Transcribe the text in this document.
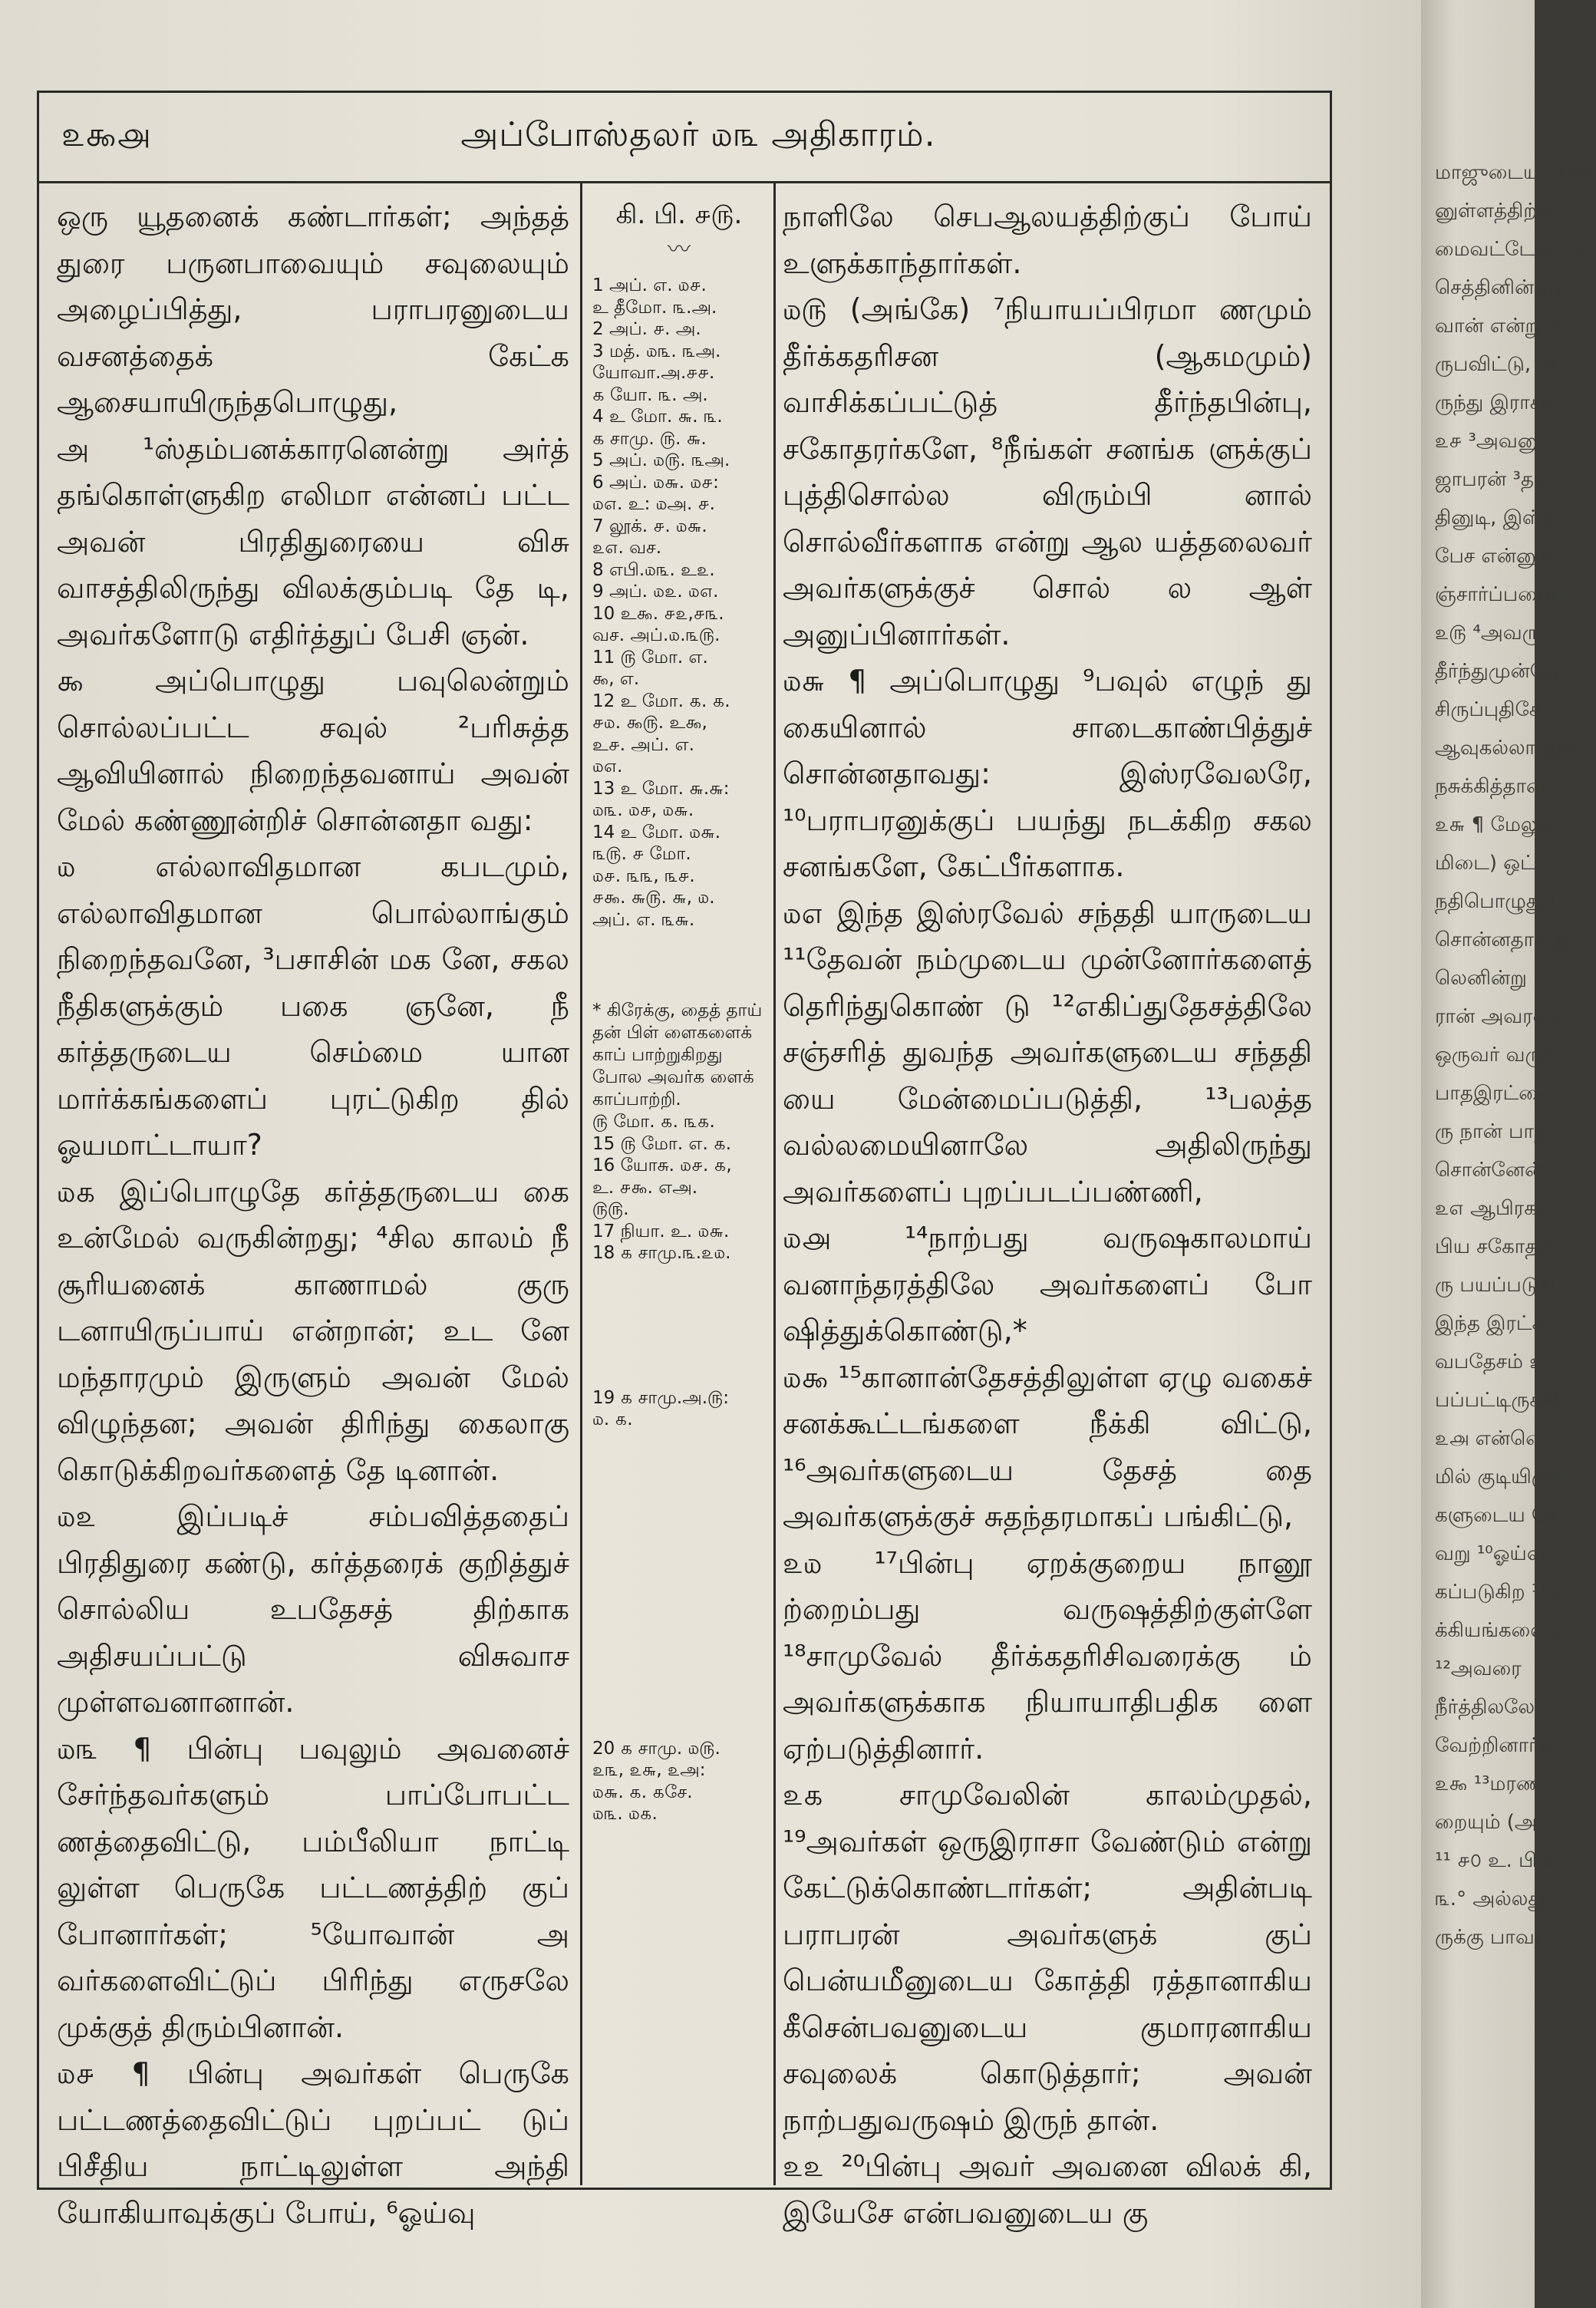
௨௯௮	அப்போஸ்தலர் ௰௩ அதிகாரம்.

ஒரு யூதனைக் கண்டார்கள்; அந்தத் துரை பருனபாவையும் சவுலையும் அழைப்பித்து, பராபரனுடைய வசனத்தைக் கேட்க ஆசையாயிருந்தபொழுது,

அ ¹ஸ்தம்பனக்காரனென்று அர்த் தங்கொள்ளுகிற எலிமா என்னப் பட்ட அவன் பிரதிதுரையை விசு வாசத்திலிருந்து விலக்கும்படி தே டி, அவர்களோடு எதிர்த்துப் பேசி ஞன்.

௯ அப்பொழுது பவுலென்றும் சொல்லப்பட்ட சவுல் ²பரிசுத்த ஆவியினால் நிறைந்தவனாய் அவன் மேல் கண்ணூன்றிச் சொன்னதா வது:

௰ எல்லாவிதமான கபடமும், எல்லாவிதமான பொல்லாங்கும் நிறைந்தவனே, ³பசாசின் மக னே, சகல நீதிகளுக்கும் பகை ஞனே, நீ கர்த்தருடைய செம்மை யான மார்க்கங்களைப் புரட்டுகிற தில் ஓயமாட்டாயா?

௰௧ இப்பொழுதே கர்த்தருடைய கை உன்மேல் வருகின்றது; ⁴சில காலம் நீ சூரியனைக் காணாமல் குரு டனாயிருப்பாய் என்றான்; உட னே மந்தாரமும் இருளும் அவன் மேல் விழுந்தன; அவன் திரிந்து கைலாகு கொடுக்கிறவர்களைத் தே டினான்.

௰௨ இப்படிச் சம்பவித்ததைப் பிரதிதுரை கண்டு, கர்த்தரைக் குறித்துச் சொல்லிய உபதேசத் திற்காக அதிசயப்பட்டு விசுவாச முள்ளவனானான்.

௰௩ ¶ பின்பு பவுலும் அவனைச் சேர்ந்தவர்களும் பாப்போபட்ட ணத்தைவிட்டு, பம்பீலியா நாட்டி லுள்ள பெருகே பட்டணத்திற் குப் போனார்கள்; ⁵யோவான் அ வர்களைவிட்டுப் பிரிந்து எருசலே முக்குத் திரும்பினான்.

௰௪ ¶ பின்பு அவர்கள் பெருகே பட்டணத்தைவிட்டுப் புறப்பட் டுப் பிசீதிய நாட்டிலுள்ள அந்தி யோகியாவுக்குப் போய், ⁶ஓய்வு

கி. பி. ௪௫.
〰

1 அப். எ. ௰௪.

உ தீமோ. ௩.அ.

2 அப். ௪. அ.

3 மத். ௰௩. ௩அ.

யோவா.அ.௪௪.

௧ யோ. ௩. அ.

4 உ மோ. ௬. ௩.

௧ சாமு. ௫. ௬.

5 அப். ௰௫. ௩அ.

6 அப். ௰௬. ௰௪:

௰௭. உ: ௰அ. ௪.

7 லூக். ௪. ௰௬.

௨௭. வச.

8 எபி.௰௩. உ௨.

9 அப். ௰௨. ௰௭.

10 உ௯. ௪௨,௪௩.

வச. அப்.௰.௩௫.

11 ௫ மோ. எ.

௯, எ.

12 உ மோ. ௧. ௧.

௪௰. ௯௫. உ௯,

உ௪. அப். எ.

௰௭.

13 உ மோ. ௬.௬:

௰௩. ௰௪, ௰௬.

14 உ மோ. ௰௬.

௩௫. ௪ மோ.

௰௪. ௩௩, ௩௪.

௪௯. ௬௫. ௬, ௰.

அப். எ. ௩௬.

* கிரேக்கு, தைத் தாய் தன் பிள் ளைகளைக் காப் பாற்றுகிறது போல அவர்க ளைக் காப்பாற்றி.

௫ மோ. ௧. ௩௧.

15 ௫ மோ. எ. ௧.

16 யோசு. ௰௪. ௧,

உ. ௪௯. எஅ.

௫௫.

17 நியா. உ. ௰௬.

18 ௧ சாமு.௩.௨௰.

19 ௧ சாமு.அ.௫:

௰. ௧.

20 ௧ சாமு. ௰௫.

௨௩, ௨௬, ௨அ:

௰௬. ௧. ௧சே.

௰௩. ௰௧.

நாளிலே செபஆலயத்திற்குப் போய் உளுக்காந்தார்கள்.

௰௫ (அங்கே) ⁷நியாயப்பிரமா ணமும் தீர்க்கதரிசன (ஆகமமும்) வாசிக்கப்பட்டுத் தீர்ந்தபின்பு, சகோதரர்களே, ⁸நீங்கள் சனங்க ளுக்குப் புத்திசொல்ல விரும்பி னால் சொல்வீர்களாக என்று ஆல யத்தலைவர் அவர்களுக்குச் சொல் ல ஆள் அனுப்பினார்கள்.

௰௬ ¶ அப்பொழுது ⁹பவுல் எழுந் து கையினால் சாடைகாண்பித்துச் சொன்னதாவது: இஸ்ரவேலரே, ¹⁰பராபரனுக்குப் பயந்து நடக்கிற சகல சனங்களே, கேட்பீர்களாக.

௰௭ இந்த இஸ்ரவேல் சந்ததி யாருடைய ¹¹தேவன் நம்முடைய முன்னோர்களைத் தெரிந்துகொண் டு ¹²எகிப்துதேசத்திலே சஞ்சரித் துவந்த அவர்களுடைய சந்ததி யை மேன்மைப்படுத்தி, ¹³பலத்த வல்லமையினாலே அதிலிருந்து அவர்களைப் புறப்படப்பண்ணி,

௰௮ ¹⁴நாற்பது வருஷகாலமாய் வனாந்தரத்திலே அவர்களைப் போ ஷித்துக்கொண்டு,*

௰௯ ¹⁵கானான்தேசத்திலுள்ள ஏழு வகைச் சனக்கூட்டங்களை நீக்கி விட்டு, ¹⁶அவர்களுடைய தேசத் தை அவர்களுக்குச் சுதந்தரமாகப் பங்கிட்டு,

௨௰ ¹⁷பின்பு ஏறக்குறைய நானூ ற்றைம்பது வருஷத்திற்குள்ளே ¹⁸சாமுவேல் தீர்க்கதரிசிவரைக்கு ம் அவர்களுக்காக நியாயாதிபதிக ளை ஏற்படுத்தினார்.

௨௧ சாமுவேலின் காலம்முதல், ¹⁹அவர்கள் ஒருஇராசா வேண்டும் என்று கேட்டுக்கொண்டார்கள்; அதின்படி பராபரன் அவர்களுக் குப் பென்யமீனுடைய கோத்தி ரத்தானாகிய கீசென்பவனுடைய குமாரனாகிய சவுலைக் கொடுத்தார்; அவன் நாற்பதுவருஷம் இருந் தான்.

௨௨ ²⁰பின்பு அவர் அவனை விலக் கி, இயேசே என்பவனுடைய கு

மாஜுடைய ¹தாள்
னுள்ளத்திற்கு
மைவட்டேன், அ
செத்தினின்படி
வான் என்று ச
ருபவிட்டு, ²௧
ருந்து இராசா
௨௪ ³அவனு
ஜாபரன் ³தம
தினுடி, இஸ்ர
பேச என்னுடை
ஞ்சார்ப்பனை
௨௫ ⁴அவரு
தீர்ந்துமுன்னே
சிருப்புதிகேற்
ஆவுகல்லா இல
நசுக்கித்தான்.
௨௬ ¶ மேலும்
மிடை) ஒட்ட
நதிபொழுது (
சொன்னதாவது
லெனின்று
ரான் அவரல்ல
ஒருவர் வருகி
பாதஇரட்சை
ரு நான் பாத்
சொன்னேன்.
௨௭ ஆபிரகா
பிய சகோதரர்
ரு பயப்படுகி
இந்த இரட்சி
வபதேசம் உ
பப்பட்டிருக்கி
௨௮ என்னெ
மில் குடியிருக்
களுடைய தே
வறு ¹⁰ஓய்வு
கப்படுகிற ¹¹த
க்கியங்களையா
¹²அவரை
நீர்த்திலலே
வேற்றினார்க
௨௯ ¹³மரண
றையும் (அ
¹¹ ௪௦ உ. பி.௧.
௩.° அல்லது
ருக்கு பாவா
